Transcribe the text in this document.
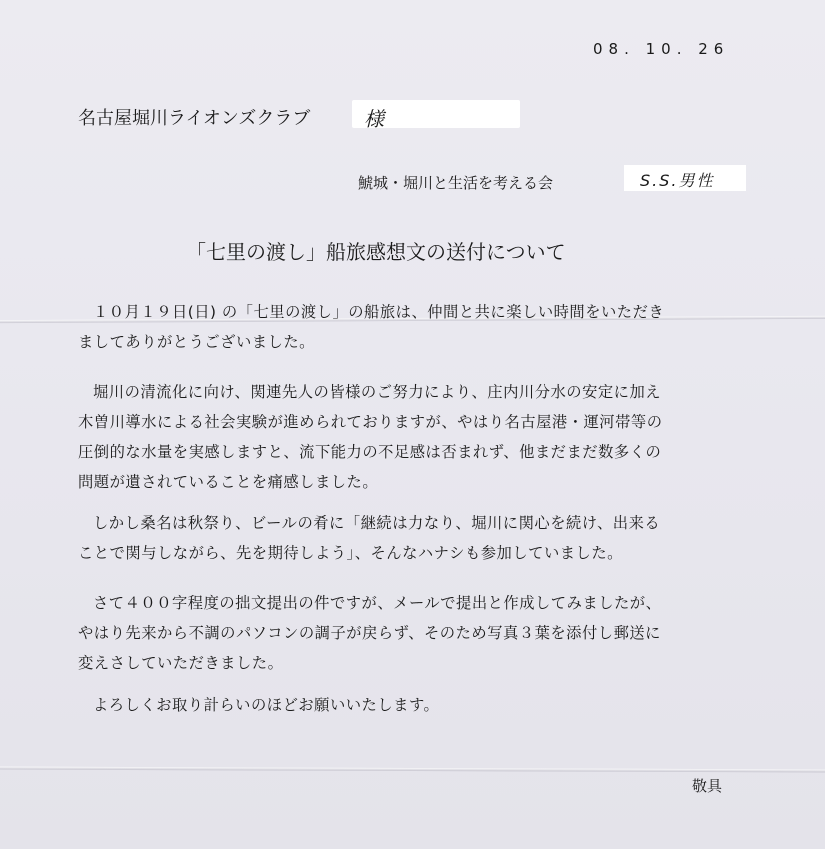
08. 10. 26
名古屋堀川ライオンズクラブ	様
鯱城・堀川と生活を考える会	S.S.男性
「七里の渡し」船旅感想文の送付について

１０月１９日(日) の「七里の渡し」の船旅は、仲間と共に楽しい時間をいただき

ましてありがとうございました。

堀川の清流化に向け、関連先人の皆様のご努力により、庄内川分水の安定に加え

木曽川導水による社会実験が進められておりますが、やはり名古屋港・運河帯等の

圧倒的な水量を実感しますと、流下能力の不足感は否まれず、他まだまだ数多くの

問題が遺されていることを痛感しました。

しかし桑名は秋祭り、ビールの肴に「継続は力なり、堀川に関心を続け、出来る

ことで関与しながら、先を期待しよう」、そんなハナシも参加していました。

さて４００字程度の拙文提出の件ですが、メールで提出と作成してみましたが、

やはり先来から不調のパソコンの調子が戻らず、そのため写真３葉を添付し郵送に

変えさしていただきました。

よろしくお取り計らいのほどお願いいたします。

敬具
